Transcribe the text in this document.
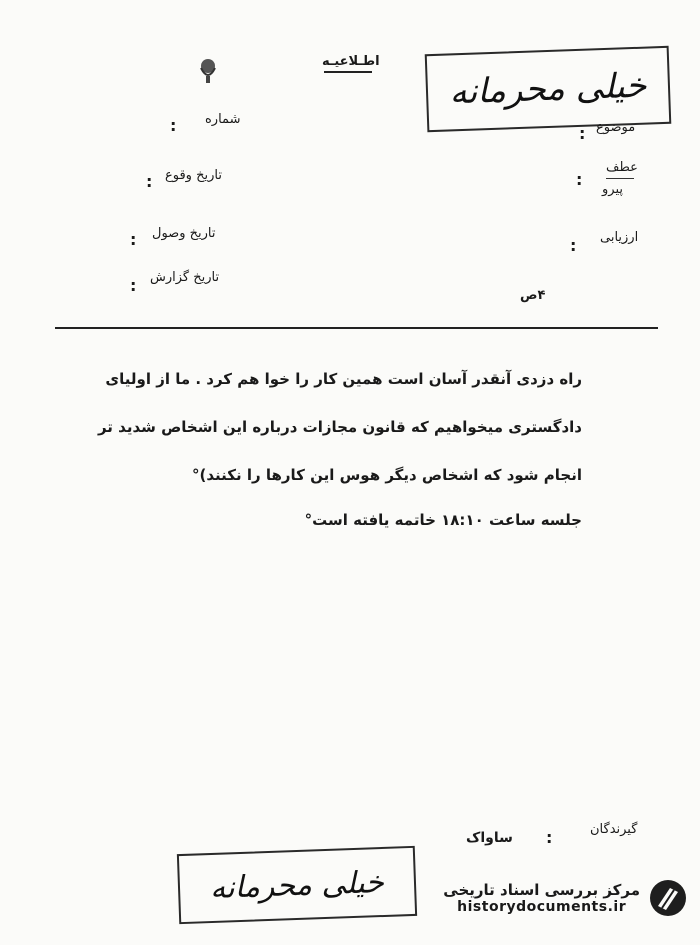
اطـلاعيـه
خیلی محرمانه
شماره
:
تاریخ وقوع
:
تاریخ وصول
:
تاریخ گزارش
:
موضوع
:
عطف
پیرو
:
ارزیابی
:
۴ص
راه دزدی آنقدر آسان است همین کار را خوا هم کرد . ما از اولیای
دادگستری میخواهیم که قانون مجازات درباره این اشخاص شدید تر
انجام شود که اشخاص دیگر هوس این کارها را نکنند)°
جلسه ساعت ۱۸:۱۰ خاتمه یافته است°
گیرندگان
:
ساواک
خیلی محرمانه	مرکز بررسی اسناد تاریخی
historydocuments.ir
